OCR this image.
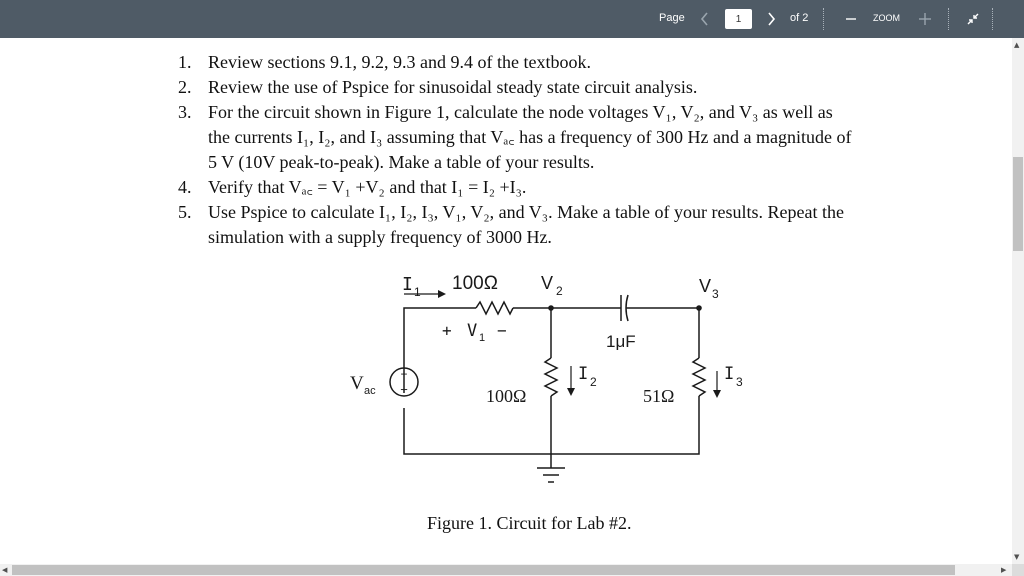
Page
1	of 2	ZOOM
1. Review sections 9.1, 9.2, 9.3 and 9.4 of the textbook.
2. Review the use of Pspice for sinusoidal steady state circuit analysis.
3. For the circuit shown in Figure 1, calculate the node voltages V₁, V₂, and V₃ as well as
the currents I₁, I₂, and I₃ assuming that Vₐ꜀ has a frequency of 300 Hz and a magnitude of
5 V (10V peak-to-peak). Make a table of your results.
4. Verify that Vₐ꜀ = V₁ +V₂ and that I₁ = I₂ +I₃.
5. Use Pspice to calculate I₁, I₂, I₃, V₁, V₂, and V₃. Make a table of your results. Repeat the
simulation with a supply frequency of 3000 Hz.
+
−
I 1 100Ω V 2	V 3
+ V 1 −
1μF
V ac	100Ω
I 2
51Ω
I 3
Figure 1. Circuit for Lab #2.
▲
▼
◀	▶
